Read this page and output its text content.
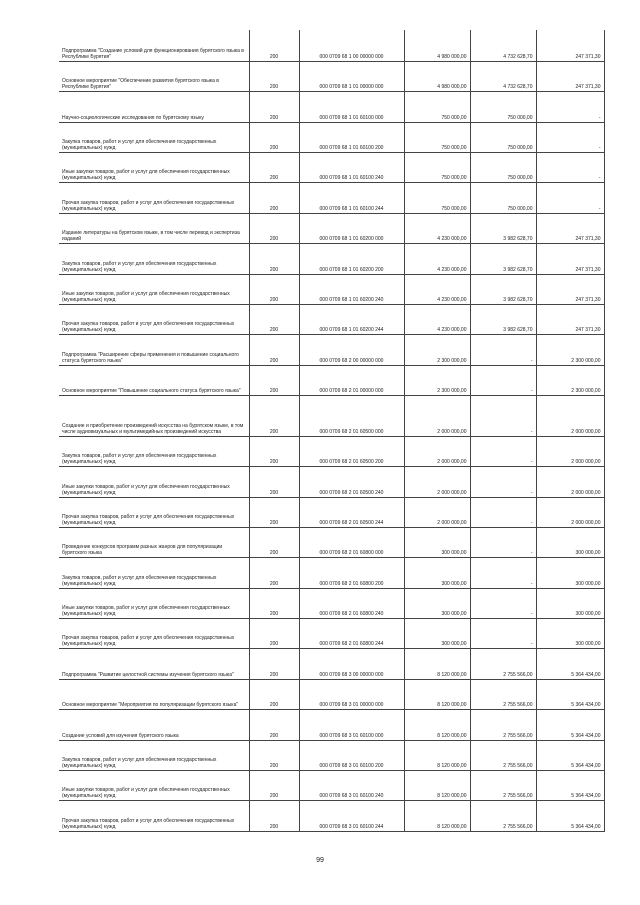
Подпрограмма "Создание условий для функционирования бурятского языка в Республике Бурятия"	200	000 0709 68 1 00 00000 000	4 980 000,00	4 732 628,70	247 371,30
Основное мероприятие "Обеспечение развития бурятского языка в Республике Бурятия"	200	000 0709 68 1 01 00000 000	4 980 000,00	4 732 628,70	247 371,30
Научно-социологические исследования по бурятскому языку	200	000 0709 68 1 01 60100 000	750 000,00	750 000,00	-
Закупка товаров, работ и услуг для обеспечения государственных (муниципальных) нужд	200	000 0709 68 1 01 60100 200	750 000,00	750 000,00	-
Иные закупки товаров, работ и услуг для обеспечения государственных (муниципальных) нужд	200	000 0709 68 1 01 60100 240	750 000,00	750 000,00	-
Прочая закупка товаров, работ и услуг для обеспечения государственных (муниципальных) нужд	200	000 0709 68 1 01 60100 244	750 000,00	750 000,00	-
Издание литературы на бурятском языке, в том числе перевод и экспертиза изданий	200	000 0709 68 1 01 60200 000	4 230 000,00	3 982 628,70	247 371,30
Закупка товаров, работ и услуг для обеспечения государственных (муниципальных) нужд	200	000 0709 68 1 01 60200 200	4 230 000,00	3 982 628,70	247 371,30
Иные закупки товаров, работ и услуг для обеспечения государственных (муниципальных) нужд	200	000 0709 68 1 01 60200 240	4 230 000,00	3 982 628,70	247 371,30
Прочая закупка товаров, работ и услуг для обеспечения государственных (муниципальных) нужд	200	000 0709 68 1 01 60200 244	4 230 000,00	3 982 628,70	247 371,30
Подпрограмма "Расширение сферы применения и повышение социального статуса бурятского языка"	200	000 0709 68 2 00 00000 000	2 300 000,00	-	2 300 000,00
Основное мероприятие "Повышение социального статуса бурятского языка"	200	000 0709 68 2 01 00000 000	2 300 000,00	-	2 300 000,00
Создание и приобретение произведений искусства на бурятском языке, в том числе аудиовизуальных и мультимедийных произведений искусства	200	000 0709 68 2 01 60500 000	2 000 000,00	-	2 000 000,00
Закупка товаров, работ и услуг для обеспечения государственных (муниципальных) нужд	200	000 0709 68 2 01 60500 200	2 000 000,00	-	2 000 000,00
Иные закупки товаров, работ и услуг для обеспечения государственных (муниципальных) нужд	200	000 0709 68 2 01 60500 240	2 000 000,00	-	2 000 000,00
Прочая закупка товаров, работ и услуг для обеспечения государственных (муниципальных) нужд	200	000 0709 68 2 01 60500 244	2 000 000,00	-	2 000 000,00
Проведение конкурсов программ разных жанров для популяризации бурятского языка	200	000 0709 68 2 01 60800 000	300 000,00	-	300 000,00
Закупка товаров, работ и услуг для обеспечения государственных (муниципальных) нужд	200	000 0709 68 2 01 60800 200	300 000,00	-	300 000,00
Иные закупки товаров, работ и услуг для обеспечения государственных (муниципальных) нужд	200	000 0709 68 2 01 60800 240	300 000,00	-	300 000,00
Прочая закупка товаров, работ и услуг для обеспечения государственных (муниципальных) нужд	200	000 0709 68 2 01 60800 244	300 000,00	-	300 000,00
Подпрограмма "Развитие целостной системы изучения бурятского языка"	200	000 0709 68 3 00 00000 000	8 120 000,00	2 755 566,00	5 364 434,00
Основное мероприятие "Мероприятия по популяризации бурятского языка"	200	000 0709 68 3 01 00000 000	8 120 000,00	2 755 566,00	5 364 434,00
Создание условий для изучения бурятского языка	200	000 0709 68 3 01 60100 000	8 120 000,00	2 755 566,00	5 364 434,00
Закупка товаров, работ и услуг для обеспечения государственных (муниципальных) нужд	200	000 0709 68 3 01 60100 200	8 120 000,00	2 755 566,00	5 364 434,00
Иные закупки товаров, работ и услуг для обеспечения государственных (муниципальных) нужд	200	000 0709 68 3 01 60100 240	8 120 000,00	2 755 566,00	5 364 434,00
Прочая закупка товаров, работ и услуг для обеспечения государственных (муниципальных) нужд	200	000 0709 68 3 01 60100 244	8 120 000,00	2 755 566,00	5 364 434,00
99
